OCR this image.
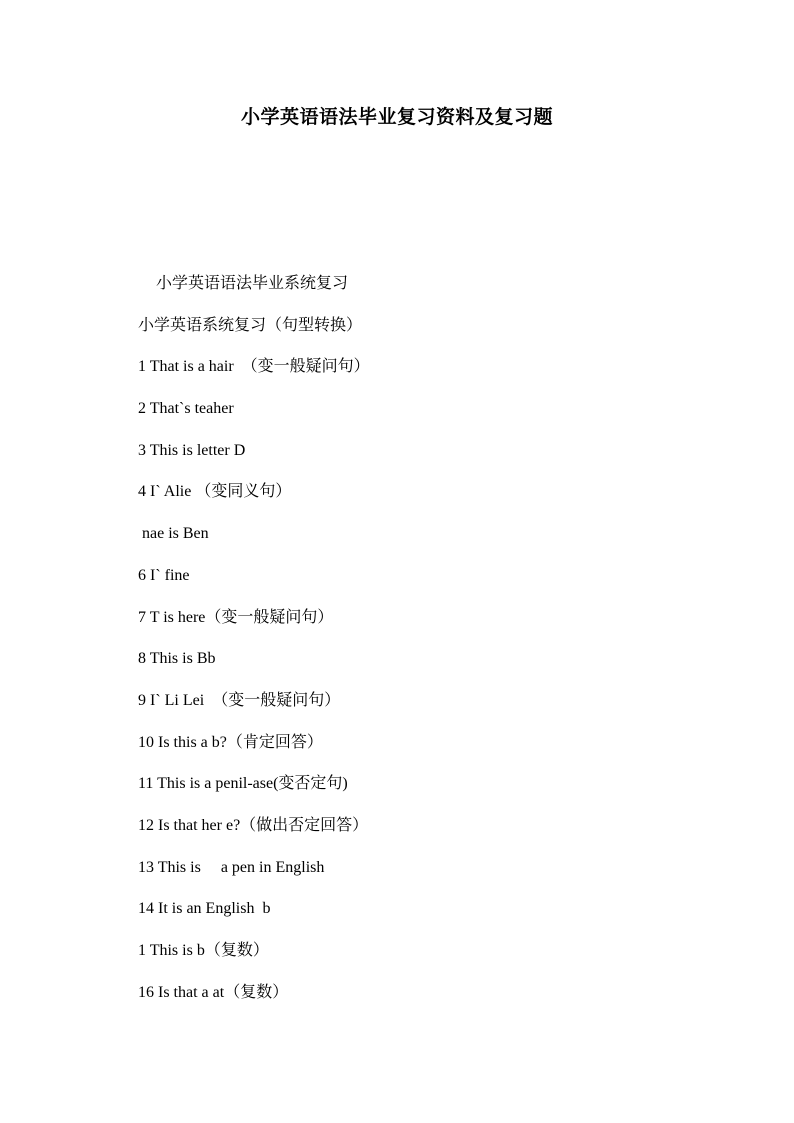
小学英语语法毕业复习资料及复习题
小学英语语法毕业系统复习
小学英语系统复习（句型转换）
1 That is a hair  （变一般疑问句）
2 That`s teaher
3 This is letter D
4 I` Alie （变同义句）
nae is Ben
6 I` fine
7 T is here（变一般疑问句）
8 This is Bb
9 I` Li Lei  （变一般疑问句）
10 Is this a b?（肯定回答）
11 This is a penil-ase(变否定句)
12 Is that her e?（做出否定回答）
13 This is     a pen in English
14 It is an English  b
1 This is b（复数）
16 Is that a at（复数）
